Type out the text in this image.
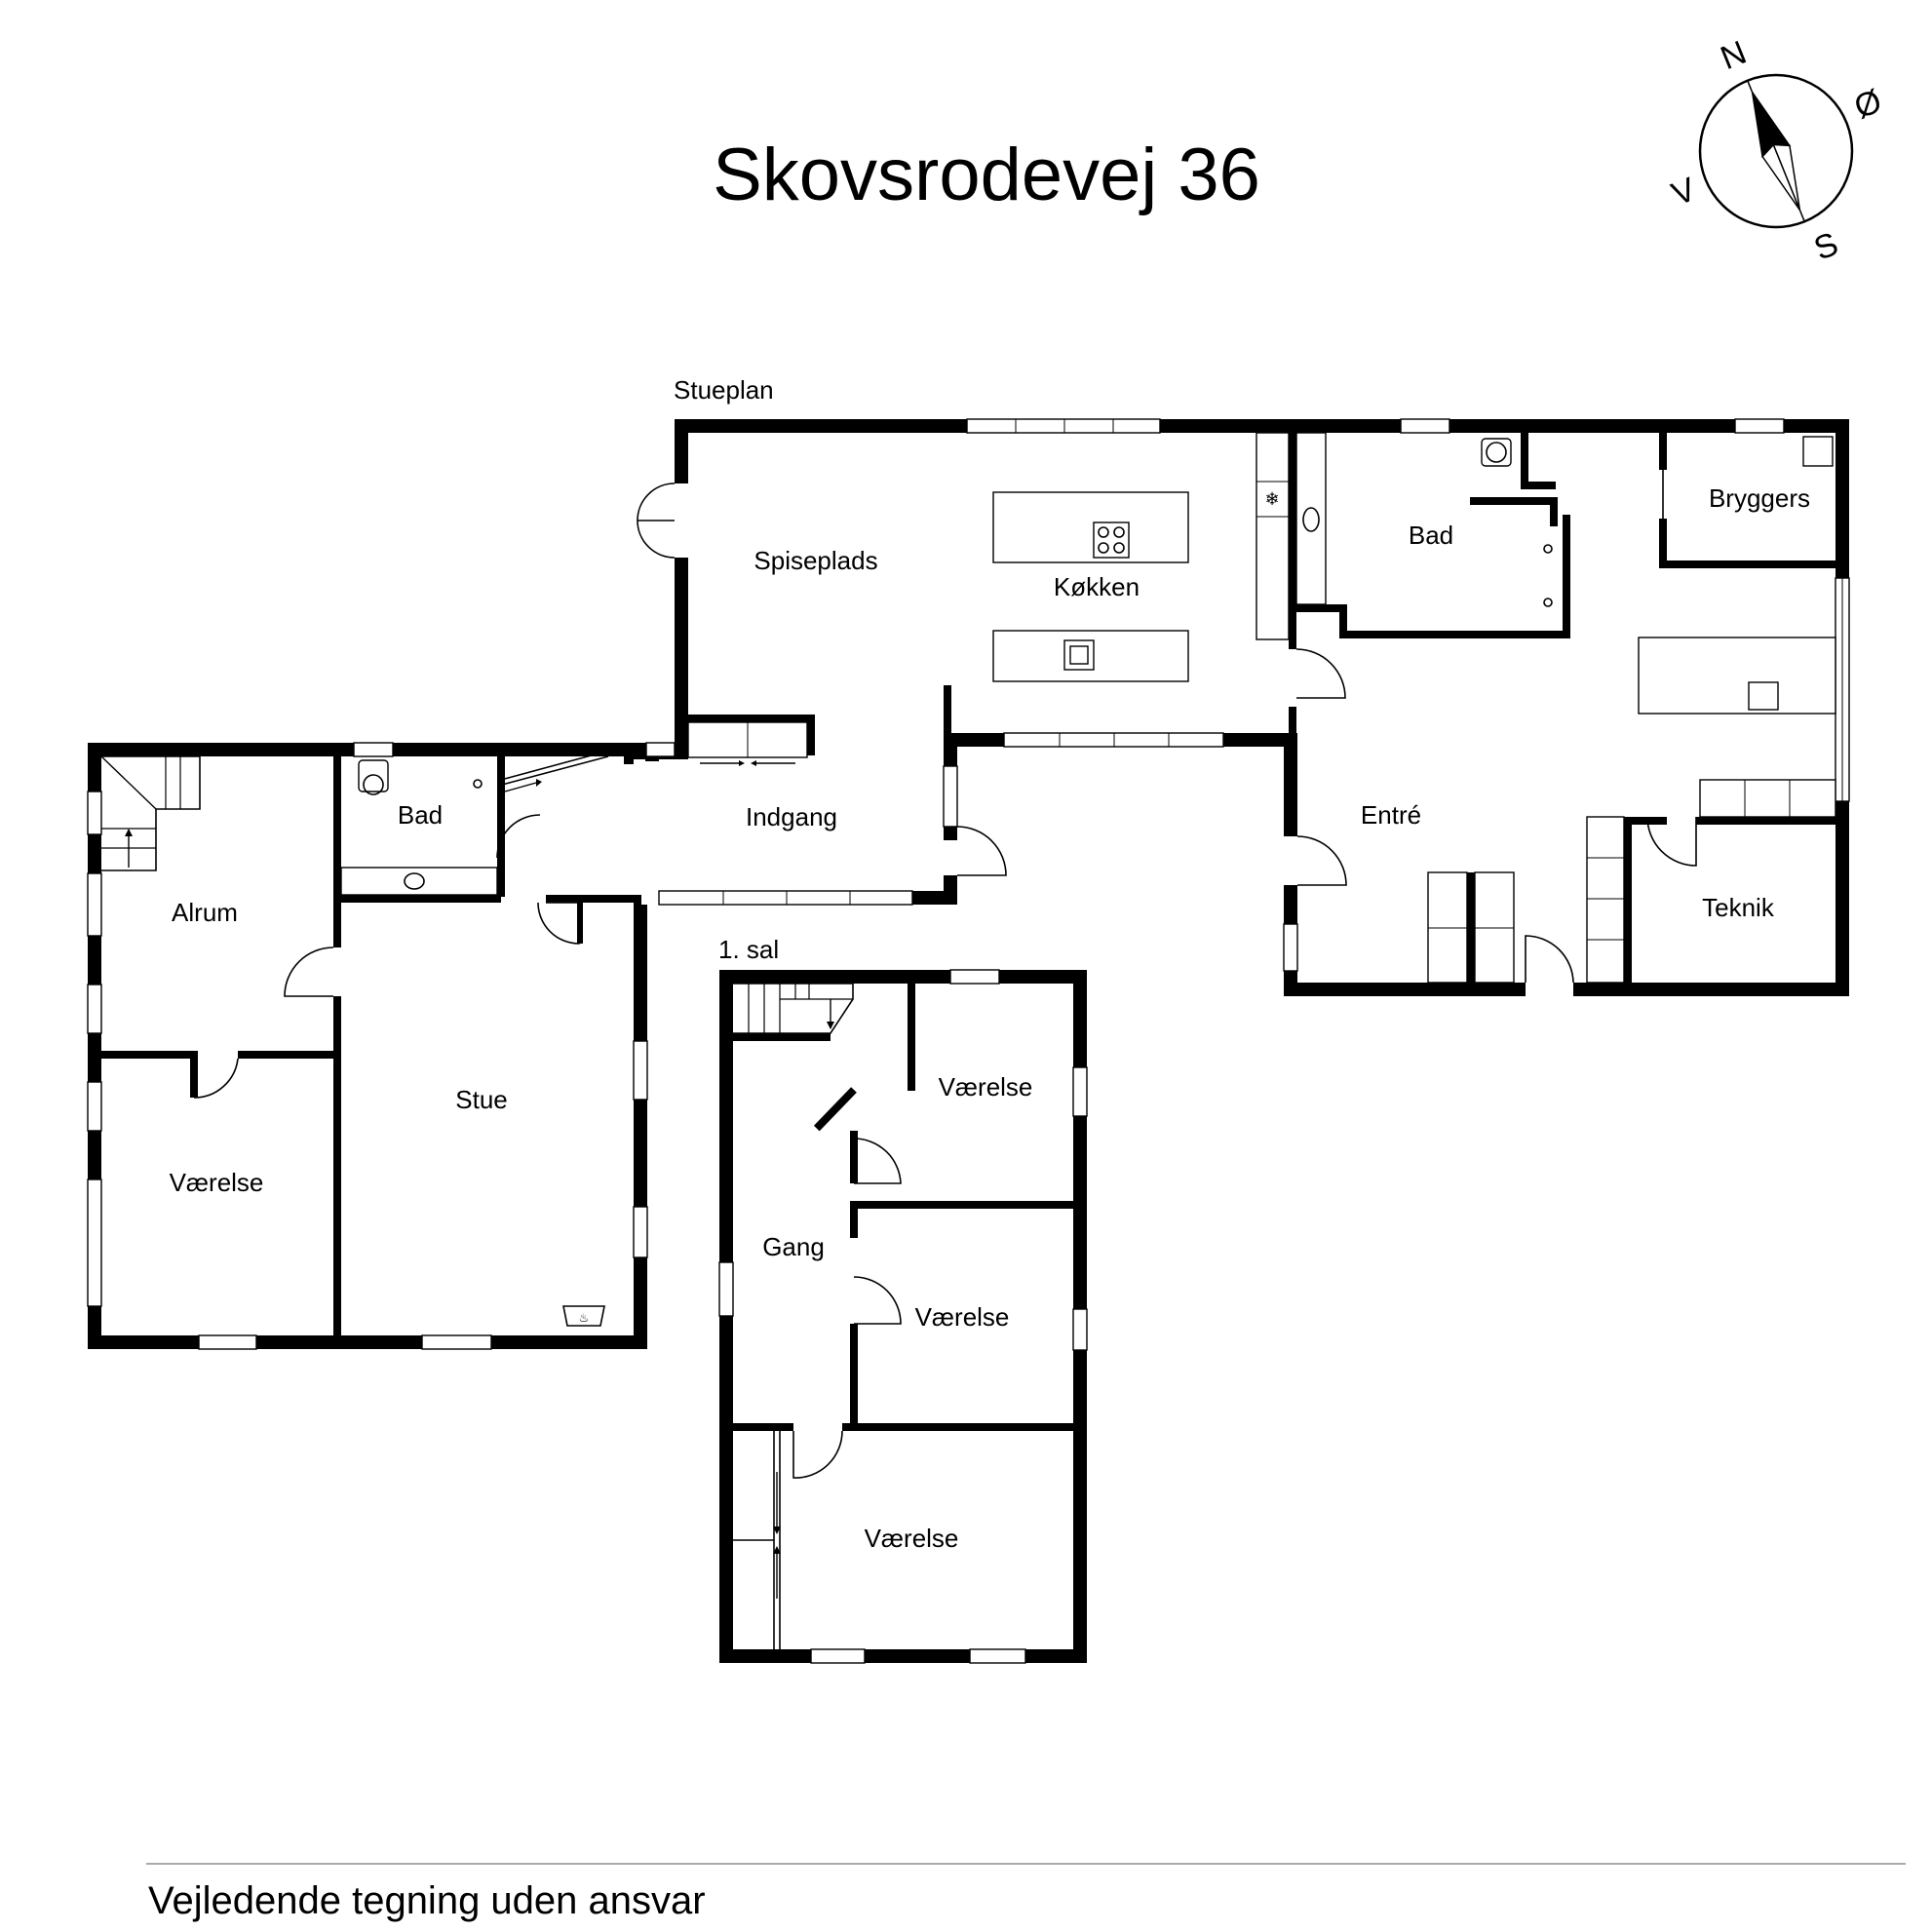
Skovsrodevej 36
N
Ø
S
V
Stueplan
1. sal
❄
♨
Spiseplads
Køkken
Bad
Bryggers
Entré
Teknik
Indgang
Bad
Alrum
Værelse
Stue
Gang
Værelse
Værelse
Værelse
Vejledende tegning uden ansvar
